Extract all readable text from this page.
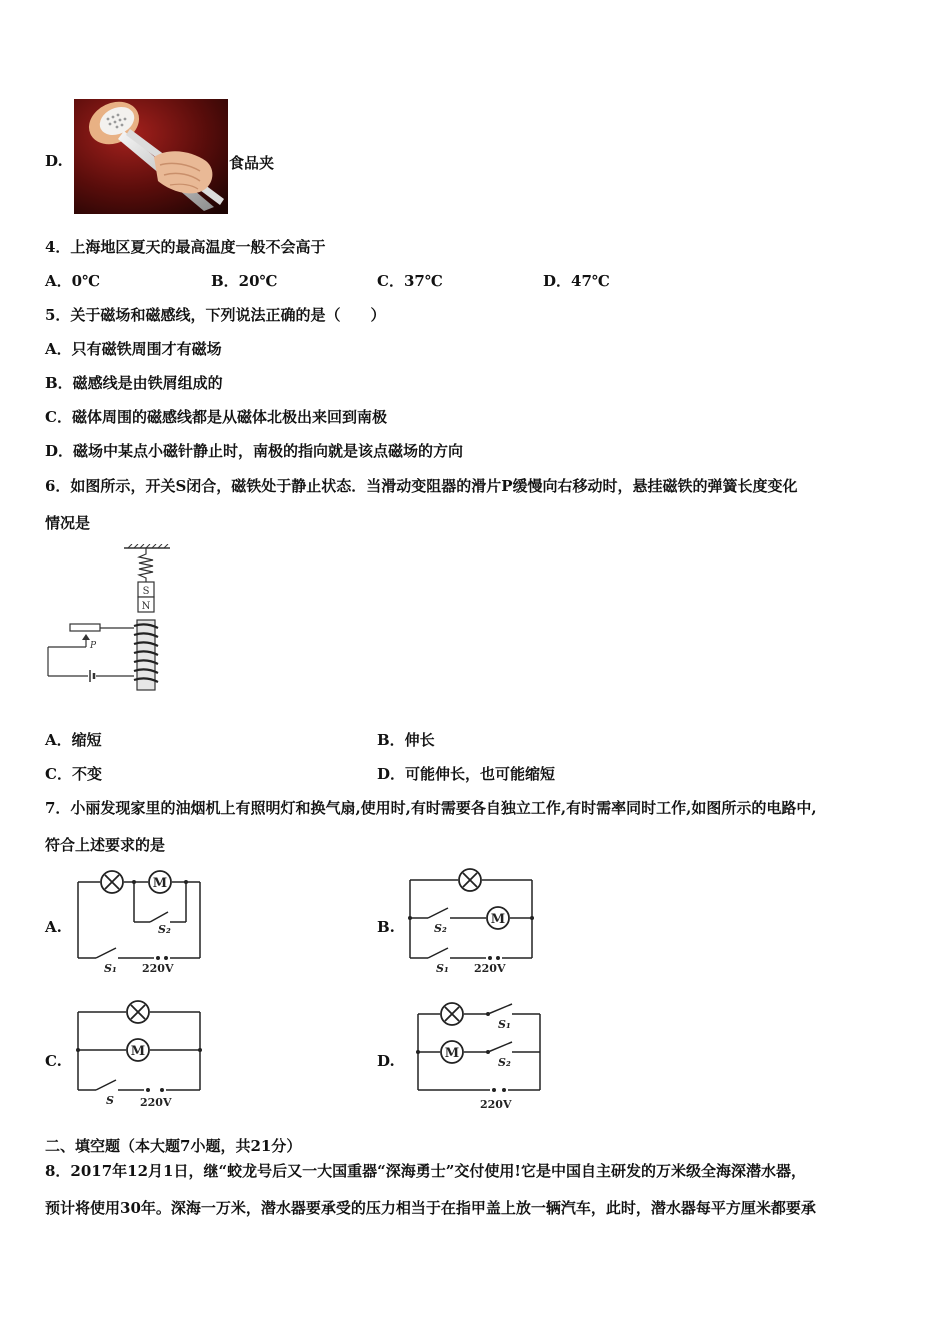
D.	食品夹
4．上海地区夏天的最高温度一般不会高于
A．0℃	B．20℃	C．37℃	D．47℃
5．关于磁场和磁感线，下列说法正确的是（　　）
A．只有磁铁周围才有磁场
B．磁感线是由铁屑组成的
C．磁体周围的磁感线都是从磁体北极出来回到南极
D．磁场中某点小磁针静止时，南极的指向就是该点磁场的方向
6．如图所示，开关S闭合，磁铁处于静止状态．当滑动变阻器的滑片P缓慢向右移动时，悬挂磁铁的弹簧长度变化
情况是
S
N
P
A．缩短	B．伸长
C．不变	D．可能伸长，也可能缩短
7．小丽发现家里的油烟机上有照明灯和换气扇,使用时,有时需要各自独立工作,有时需率同时工作,如图所示的电路中,
符合上述要求的是
A.
M
S₂
S₁ 220V
B.	M
S₂
S₁ 220V
C.
M
S 220V
D.	M
S₁
S₂
220V
二、填空题（本大题7小题，共21分）
8．2017年12月1日，继“蛟龙号后又一大国重器“深海勇士”交付使用!它是中国自主研发的万米级全海深潜水器，
预计将使用30年。深海一万米，潜水器要承受的压力相当于在指甲盖上放一辆汽车，此时，潜水器每平方厘米都要承
